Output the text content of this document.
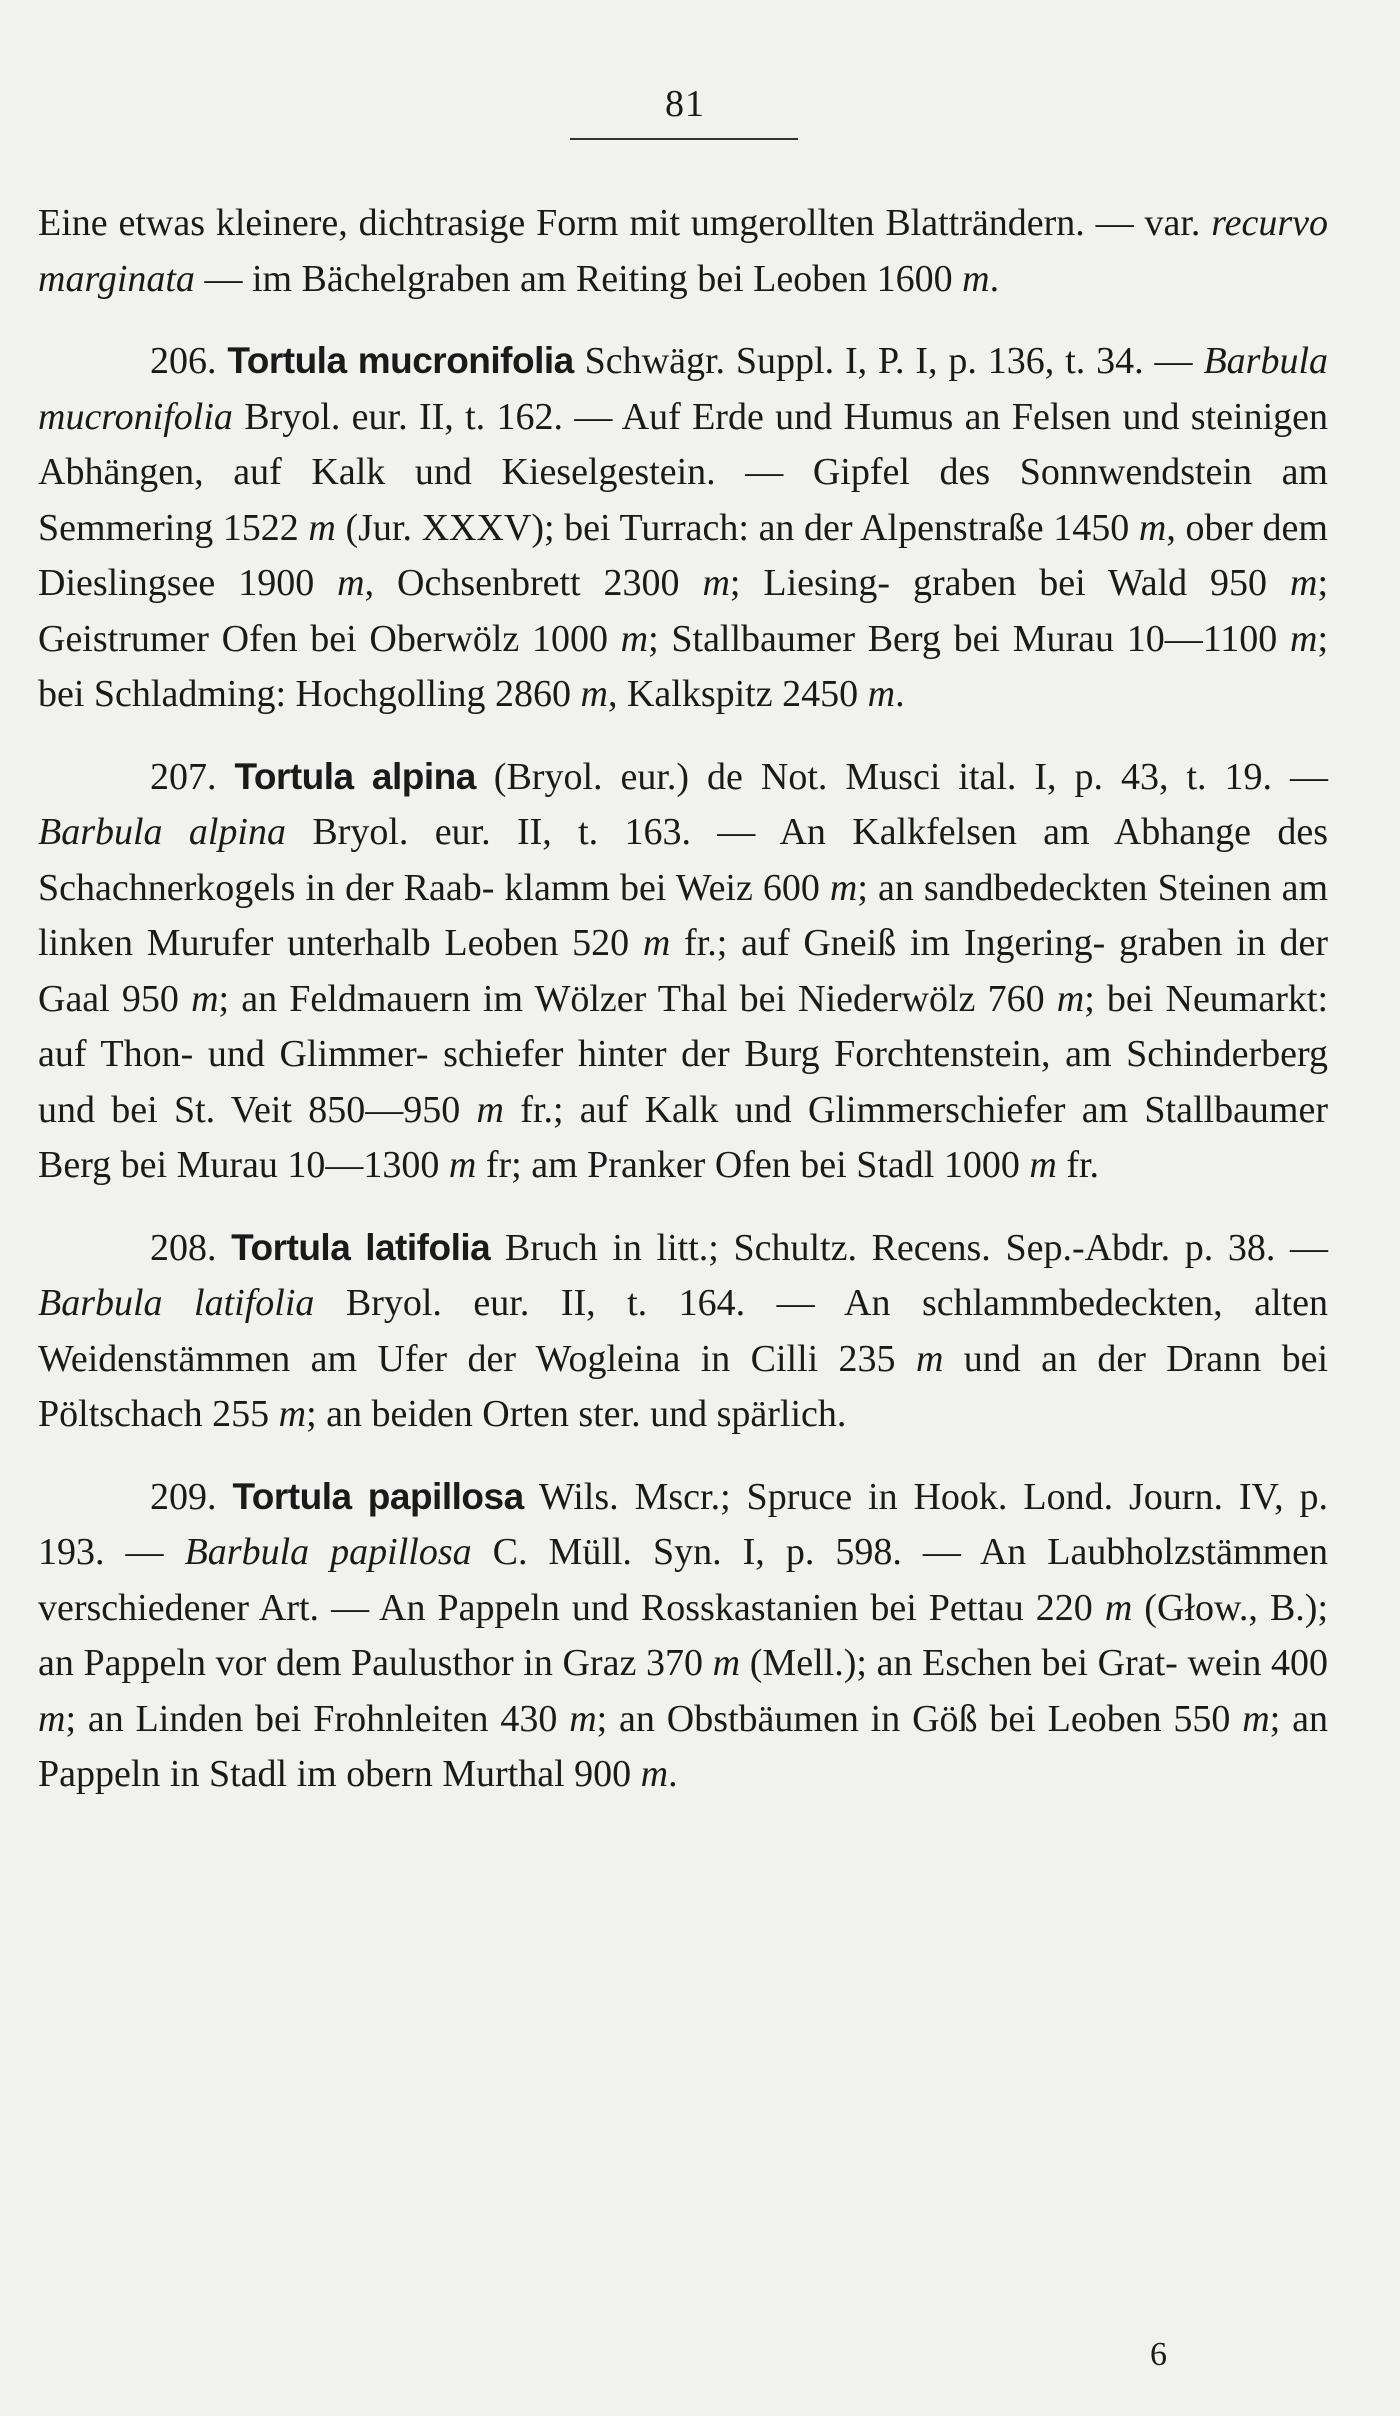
81

Eine etwas kleinere, dichtrasige Form mit umgerollten Blatträndern. — var. recurvo marginata — im Bächelgraben am Reiting bei Leoben 1600 m.

206. Tortula mucronifolia Schwägr. Suppl. I, P. I, p. 136, t. 34. — Barbula mucronifolia Bryol. eur. II, t. 162. — Auf Erde und Humus an Felsen und steinigen Abhängen, auf Kalk und Kieselgestein. — Gipfel des Sonnwendstein am Semmering 1522 m (Jur. XXXV); bei Turrach: an der Alpenstraße 1450 m, ober dem Dieslingsee 1900 m, Ochsenbrett 2300 m; Liesing- graben bei Wald 950 m; Geistrumer Ofen bei Oberwölz 1000 m; Stallbaumer Berg bei Murau 10—1100 m; bei Schladming: Hochgolling 2860 m, Kalkspitz 2450 m.

207. Tortula alpina (Bryol. eur.) de Not. Musci ital. I, p. 43, t. 19. — Barbula alpina Bryol. eur. II, t. 163. — An Kalkfelsen am Abhange des Schachnerkogels in der Raab- klamm bei Weiz 600 m; an sandbedeckten Steinen am linken Murufer unterhalb Leoben 520 m fr.; auf Gneiß im Ingering- graben in der Gaal 950 m; an Feldmauern im Wölzer Thal bei Niederwölz 760 m; bei Neumarkt: auf Thon- und Glimmer- schiefer hinter der Burg Forchtenstein, am Schinderberg und bei St. Veit 850—950 m fr.; auf Kalk und Glimmerschiefer am Stallbaumer Berg bei Murau 10—1300 m fr; am Pranker Ofen bei Stadl 1000 m fr.

208. Tortula latifolia Bruch in litt.; Schultz. Recens. Sep.-Abdr. p. 38. — Barbula latifolia Bryol. eur. II, t. 164. — An schlammbedeckten, alten Weidenstämmen am Ufer der Wogleina in Cilli 235 m und an der Drann bei Pöltschach 255 m; an beiden Orten ster. und spärlich.

209. Tortula papillosa Wils. Mscr.; Spruce in Hook. Lond. Journ. IV, p. 193. — Barbula papillosa C. Müll. Syn. I, p. 598. — An Laubholzstämmen verschiedener Art. — An Pappeln und Rosskastanien bei Pettau 220 m (Głow., B.); an Pappeln vor dem Paulusthor in Graz 370 m (Mell.); an Eschen bei Grat- wein 400 m; an Linden bei Frohnleiten 430 m; an Obstbäumen in Göß bei Leoben 550 m; an Pappeln in Stadl im obern Murthal 900 m.

6
